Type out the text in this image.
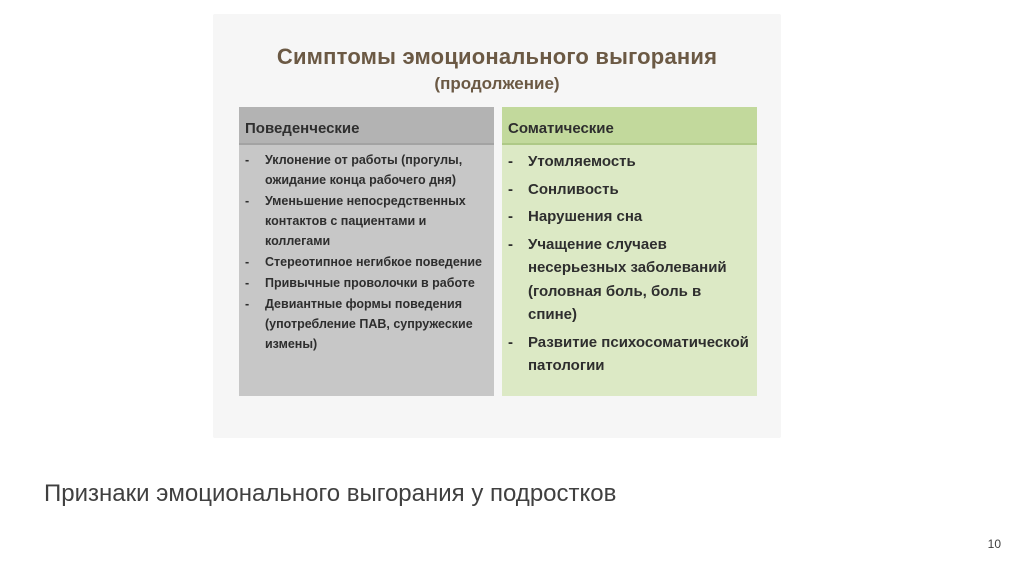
Симптомы эмоционального выгорания
(продолжение)
Поведенческие
- Уклонение от работы (прогулы, ожидание конца рабочего дня)
- Уменьшение непосредственных контактов с пациентами и коллегами
- Стереотипное негибкое поведение
- Привычные проволочки в работе
- Девиантные формы поведения (употребление ПАВ, супружеские измены)
Соматические
- Утомляемость
- Сонливость
- Нарушения сна
- Учащение случаев несерьезных заболеваний (головная боль, боль в спине)
- Развитие психосоматической патологии
Признаки эмоционального выгорания у подростков
10
